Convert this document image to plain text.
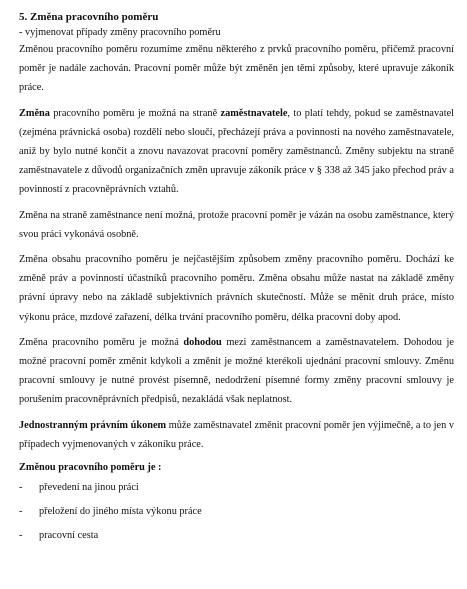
5. Změna pracovního poměru

- vyjmenovat případy změny pracovního poměru

Změnou pracovního poměru rozumíme změnu některého z prvků pracovního poměru, přičemž pracovní poměr je nadále zachován. Pracovní poměr může být změněn jen těmi způsoby, které upravuje zákoník práce.

Změna pracovního poměru je možná na straně zaměstnavatele, to platí tehdy, pokud se zaměstnavatel (zejména právnická osoba) rozdělí nebo sloučí, přecházejí práva a povinnosti na nového zaměstnavatele, aniž by bylo nutné končit a znovu navazovat pracovní poměry zaměstnanců. Změny subjektu na straně zaměstnavatele z důvodů organizačních změn upravuje zákoník práce v § 338 až 345 jako přechod práv a povinností z pracovněprávních vztahů.

Změna na straně zaměstnance není možná, protože pracovní poměr je vázán na osobu zaměstnance, který svou práci vykonává osobně.

Změna obsahu pracovního poměru je nejčastějším způsobem změny pracovního poměru. Dochází ke změně práv a povinností účastníků pracovního poměru. Změna obsahu může nastat na základě změny právní úpravy nebo na základě subjektivních právních skutečností. Může se měnit druh práce, místo výkonu práce, mzdové zařazení, délka trvání pracovního poměru, délka pracovní doby apod.

Změna pracovního poměru je možná dohodou mezi zaměstnancem a zaměstnavatelem. Dohodou je možné pracovní poměr změnit kdykoli a změnit je možné kterékoli ujednání pracovní smlouvy. Změnu pracovní smlouvy je nutné provést písemně, nedodržení písemné formy změny pracovní smlouvy je porušením pracovněprávních předpisů, nezakládá však neplatnost.

Jednostranným právním úkonem může zaměstnavatel změnit pracovní poměr jen výjimečně, a to jen v případech vyjmenovaných v zákoníku práce.

Změnou pracovního poměru je :

- převedení na jinou práci
- přeložení do jiného místa výkonu práce
- pracovní cesta
